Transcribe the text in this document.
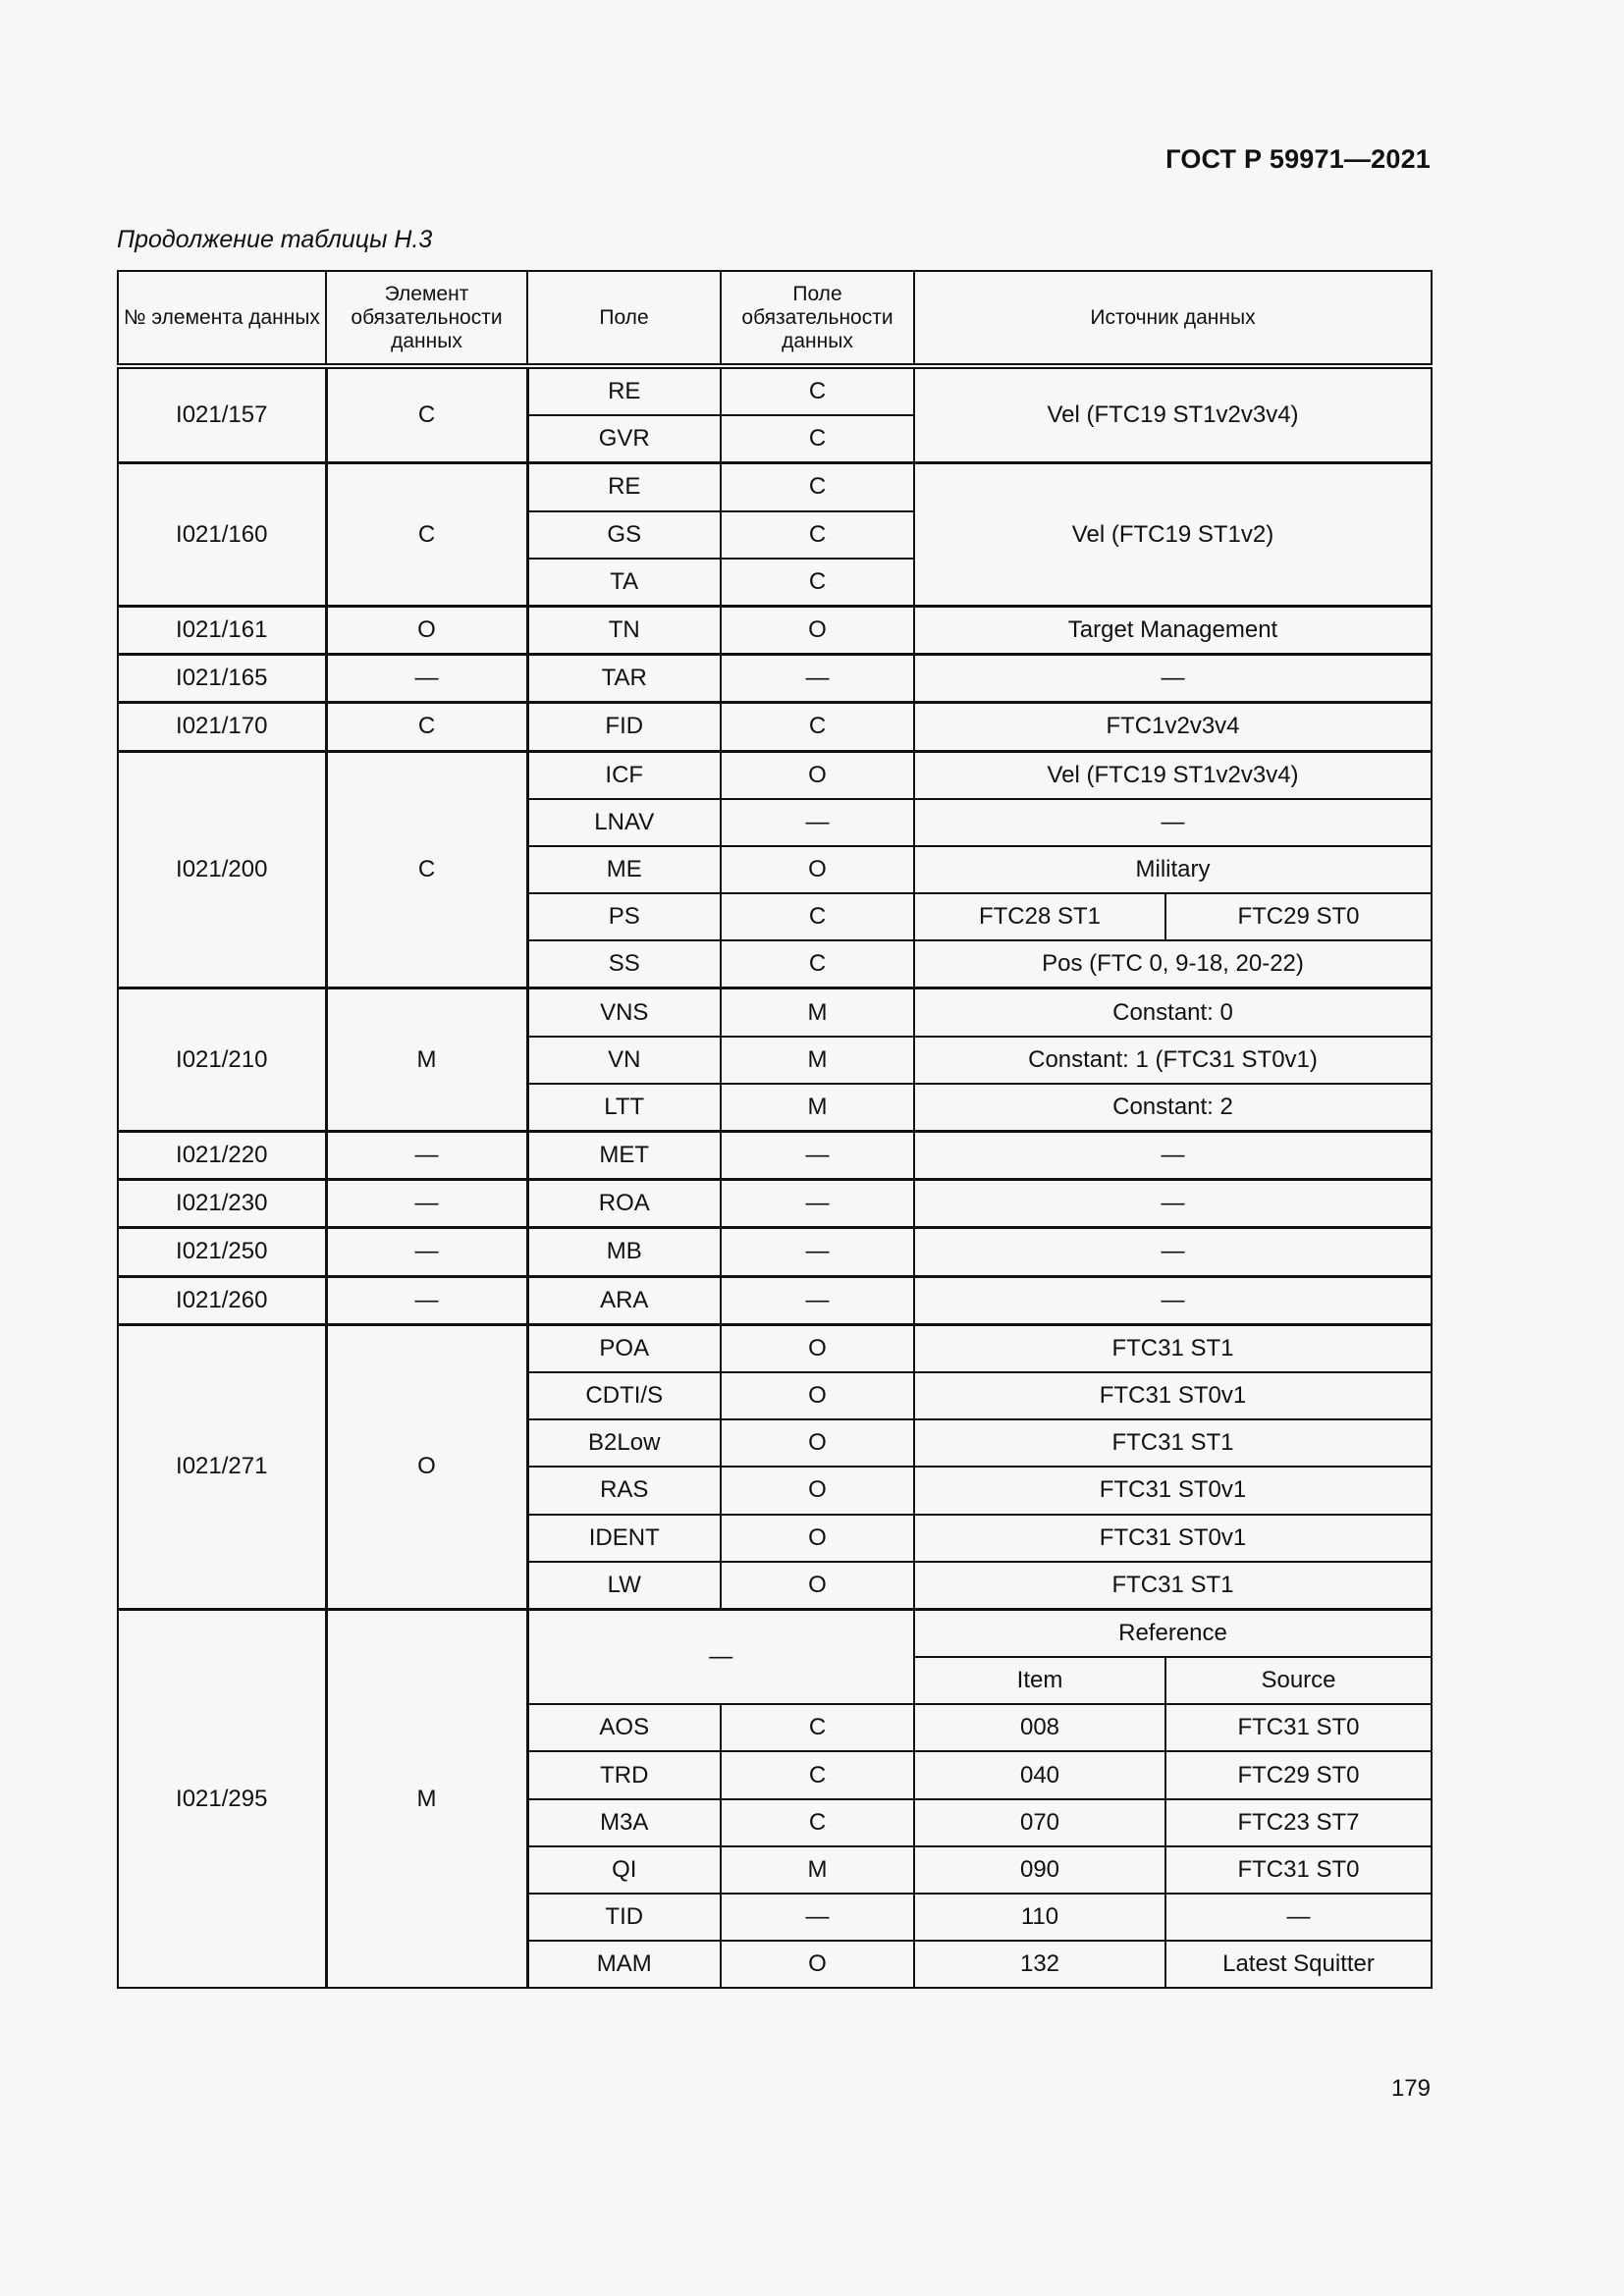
ГОСТ Р 59971—2021
Продолжение таблицы Н.3
№ элемента данных	Элемент обязательности данных	Поле	Поле обязательности данных	Источник данных	
I021/157	C	RE	C	Vel (FTC19 ST1v2v3v4)	
		GVR	C		
I021/160	C	RE	C	Vel (FTC19 ST1v2)	
		GS	C		
		TA	C		
I021/161	O	TN	O	Target Management	
I021/165	—	TAR	—	—	
I021/170	C	FID	C	FTC1v2v3v4	
I021/200	C	ICF	O	Vel (FTC19 ST1v2v3v4)	
		LNAV	—	—	
		ME	O	Military	
		PS	C	FTC28 ST1	FTC29 ST0
		SS	C	Pos (FTC 0, 9-18, 20-22)	
I021/210	M	VNS	M	Constant: 0	
		VN	M	Constant: 1 (FTC31 ST0v1)	
		LTT	M	Constant: 2	
I021/220	—	MET	—	—	
I021/230	—	ROA	—	—	
I021/250	—	MB	—	—	
I021/260	—	ARA	—	—	
I021/271	O	POA	O	FTC31 ST1	
		CDTI/S	O	FTC31 ST0v1	
		B2Low	O	FTC31 ST1	
		RAS	O	FTC31 ST0v1	
		IDENT	O	FTC31 ST0v1	
		LW	O	FTC31 ST1	
I021/295	M	—		Reference	
				Item	Source
		AOS	C	008	FTC31 ST0
		TRD	C	040	FTC29 ST0
		M3A	C	070	FTC23 ST7
		QI	M	090	FTC31 ST0
		TID	—	110	—
		MAM	O	132	Latest Squitter
179
